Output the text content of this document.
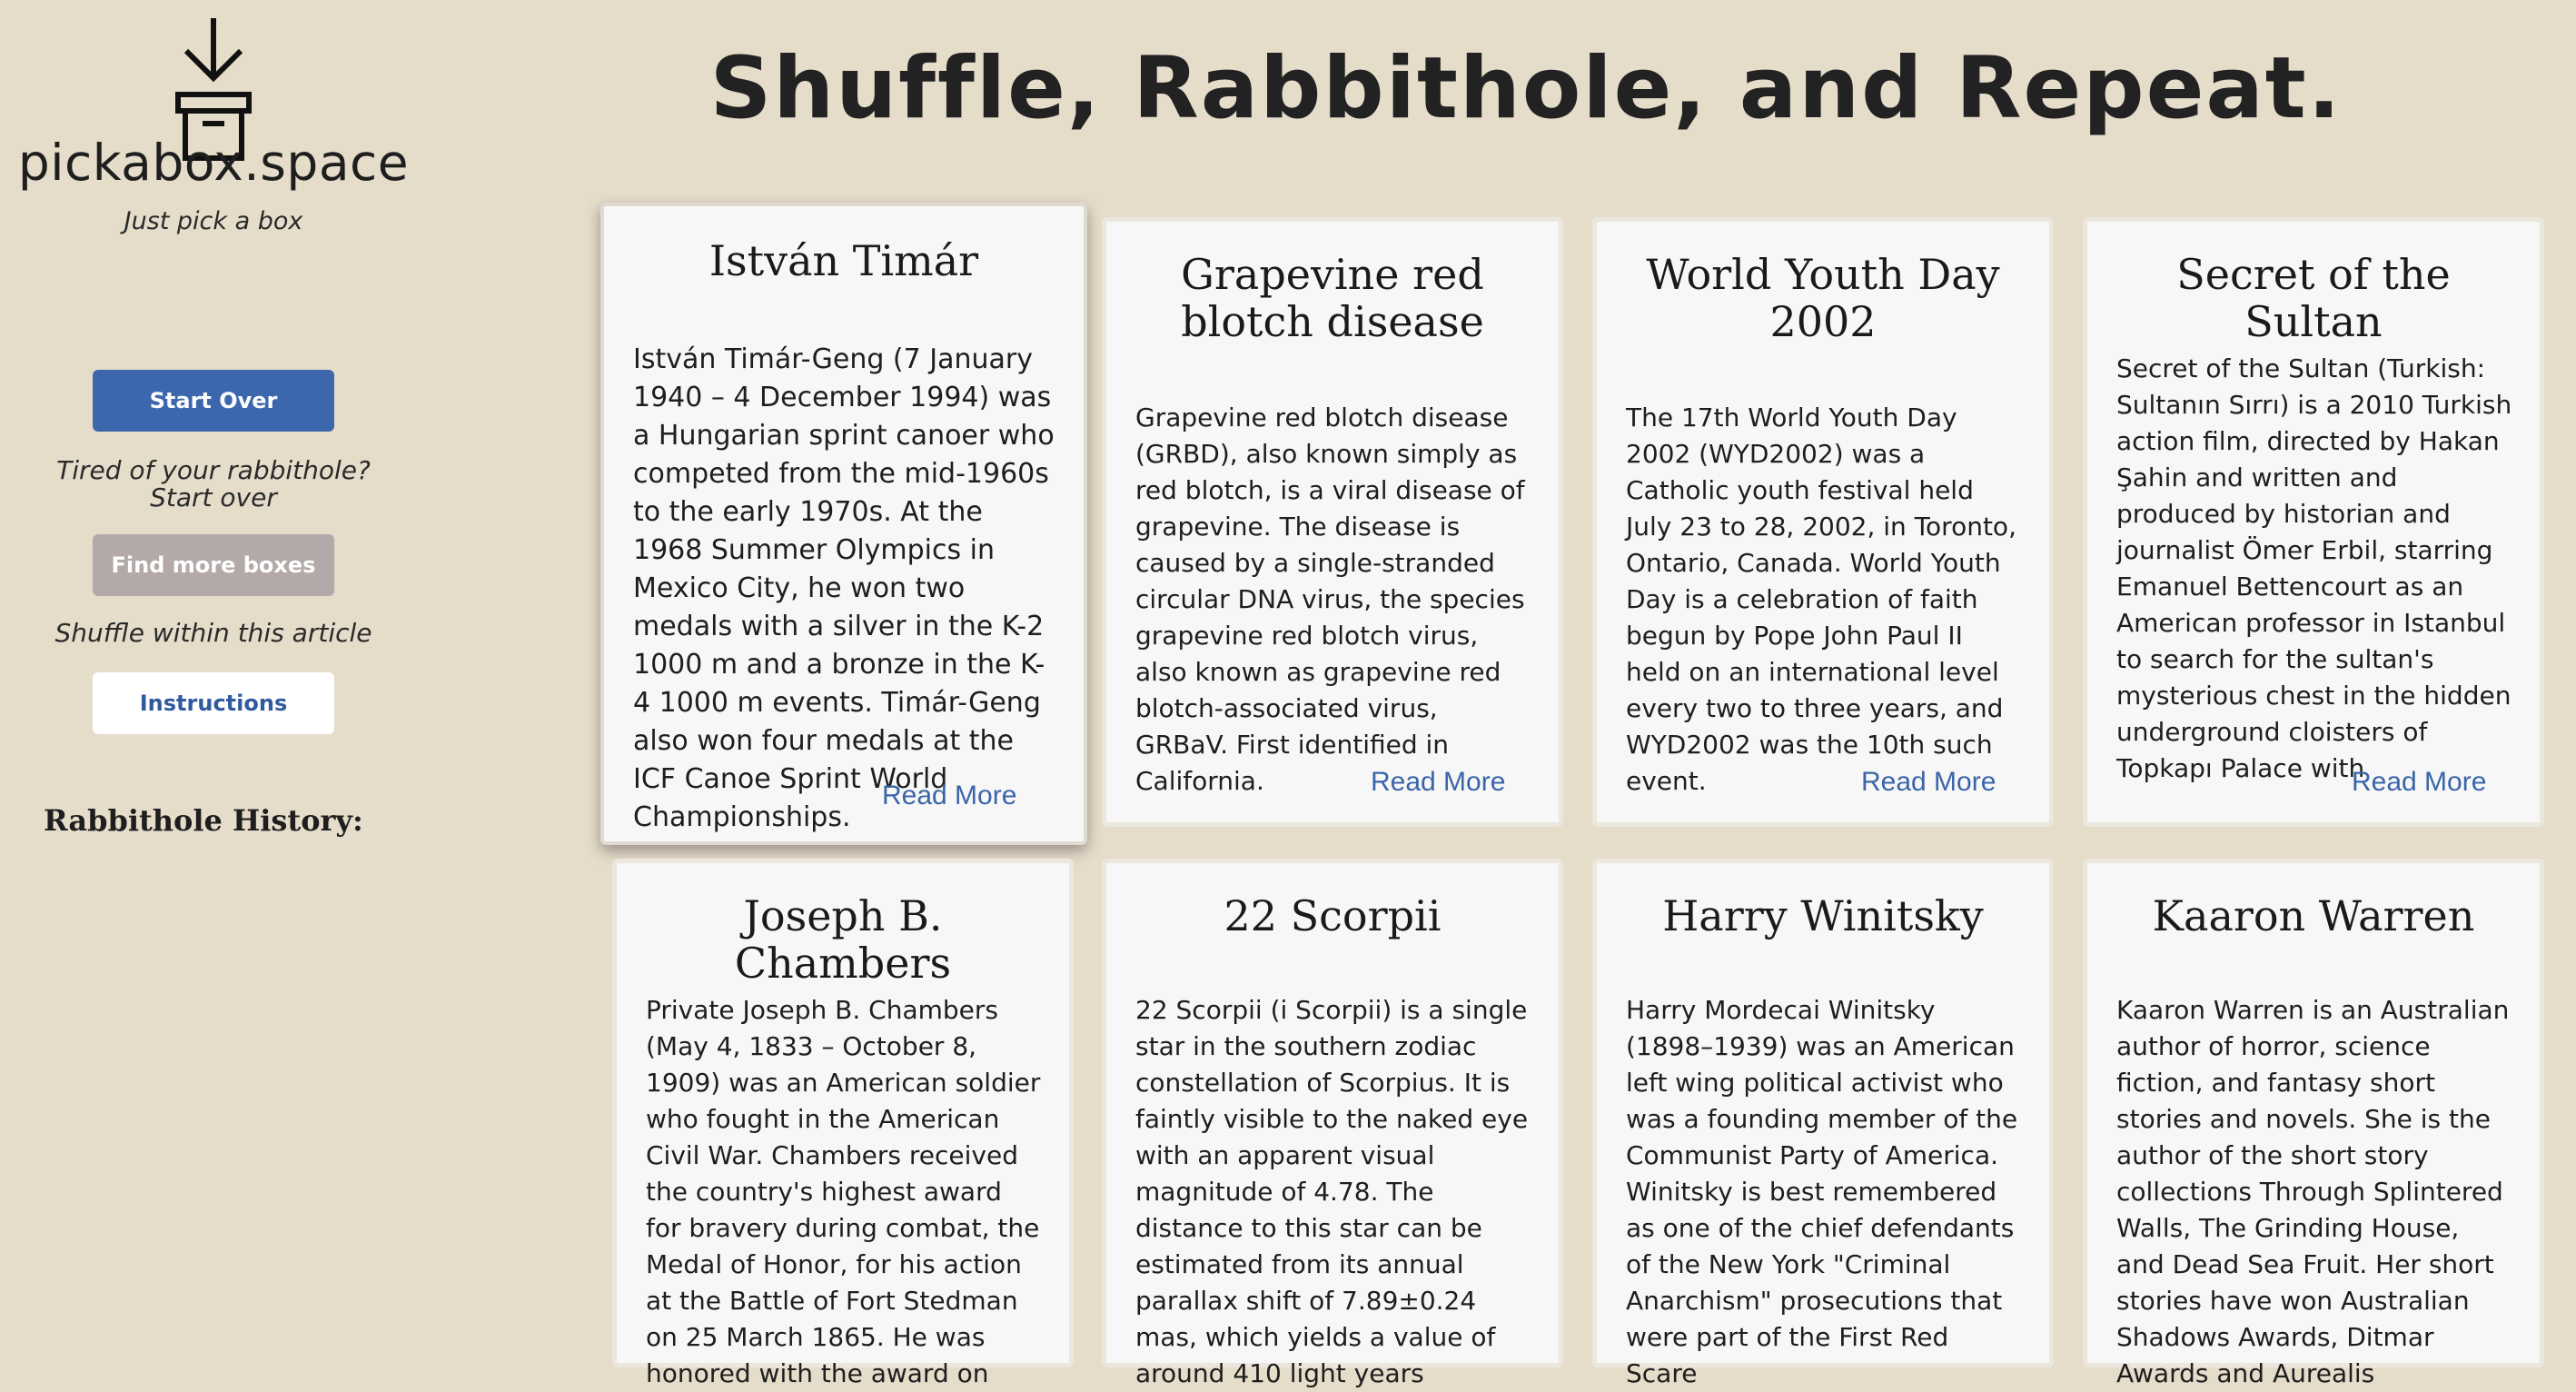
pickabox.space
Just pick a box
Start Over
Tired of your rabbithole? Start over
Find more boxes
Shuffle within this article
Instructions
Rabbithole History:
Shuffle, Rabbithole, and Repeat.
István Timár
István Timár-Geng (7 January 1940 – 4 December 1994) was a Hungarian sprint canoer who competed from the mid-1960s to the early 1970s. At the 1968 Summer Olympics in Mexico City, he won two medals with a silver in the K-2 1000 m and a bronze in the K-4 1000 m events. Timár-Geng also won four medals at the ICF Canoe Sprint World Championships.
Read More
Grapevine red blotch disease
Grapevine red blotch disease (GRBD), also known simply as red blotch, is a viral disease of grapevine. The disease is caused by a single-stranded circular DNA virus, the species grapevine red blotch virus, also known as grapevine red blotch-associated virus, GRBaV. First identified in California.	Read More
World Youth Day 2002
The 17th World Youth Day 2002 (WYD2002) was a Catholic youth festival held July 23 to 28, 2002, in Toronto, Ontario, Canada. World Youth Day is a celebration of faith begun by Pope John Paul II held on an international level every two to three years, and WYD2002 was the 10th such event.	Read More
Secret of the Sultan
Secret of the Sultan (Turkish: Sultanın Sırrı) is a 2010 Turkish action film, directed by Hakan Şahin and written and produced by historian and journalist Ömer Erbil, starring Emanuel Bettencourt as an American professor in Istanbul to search for the sultan's mysterious chest in the hidden underground cloisters of Topkapı Palace with
Read More
Joseph B. Chambers
Private Joseph B. Chambers (May 4, 1833 – October 8, 1909) was an American soldier who fought in the American Civil War. Chambers received the country's highest award for bravery during combat, the Medal of Honor, for his action at the Battle of Fort Stedman on 25 March 1865. He was honored with the award on
22 Scorpii
22 Scorpii (i Scorpii) is a single star in the southern zodiac constellation of Scorpius. It is faintly visible to the naked eye with an apparent visual magnitude of 4.78. The distance to this star can be estimated from its annual parallax shift of 7.89±0.24 mas, which yields a value of around 410 light years
Harry Winitsky
Harry Mordecai Winitsky (1898–1939) was an American left wing political activist who was a founding member of the Communist Party of America. Winitsky is best remembered as one of the chief defendants of the New York "Criminal Anarchism" prosecutions that were part of the First Red Scare
Kaaron Warren
Kaaron Warren is an Australian author of horror, science fiction, and fantasy short stories and novels. She is the author of the short story collections Through Splintered Walls, The Grinding House, and Dead Sea Fruit. Her short stories have won Australian Shadows Awards, Ditmar Awards and Aurealis
